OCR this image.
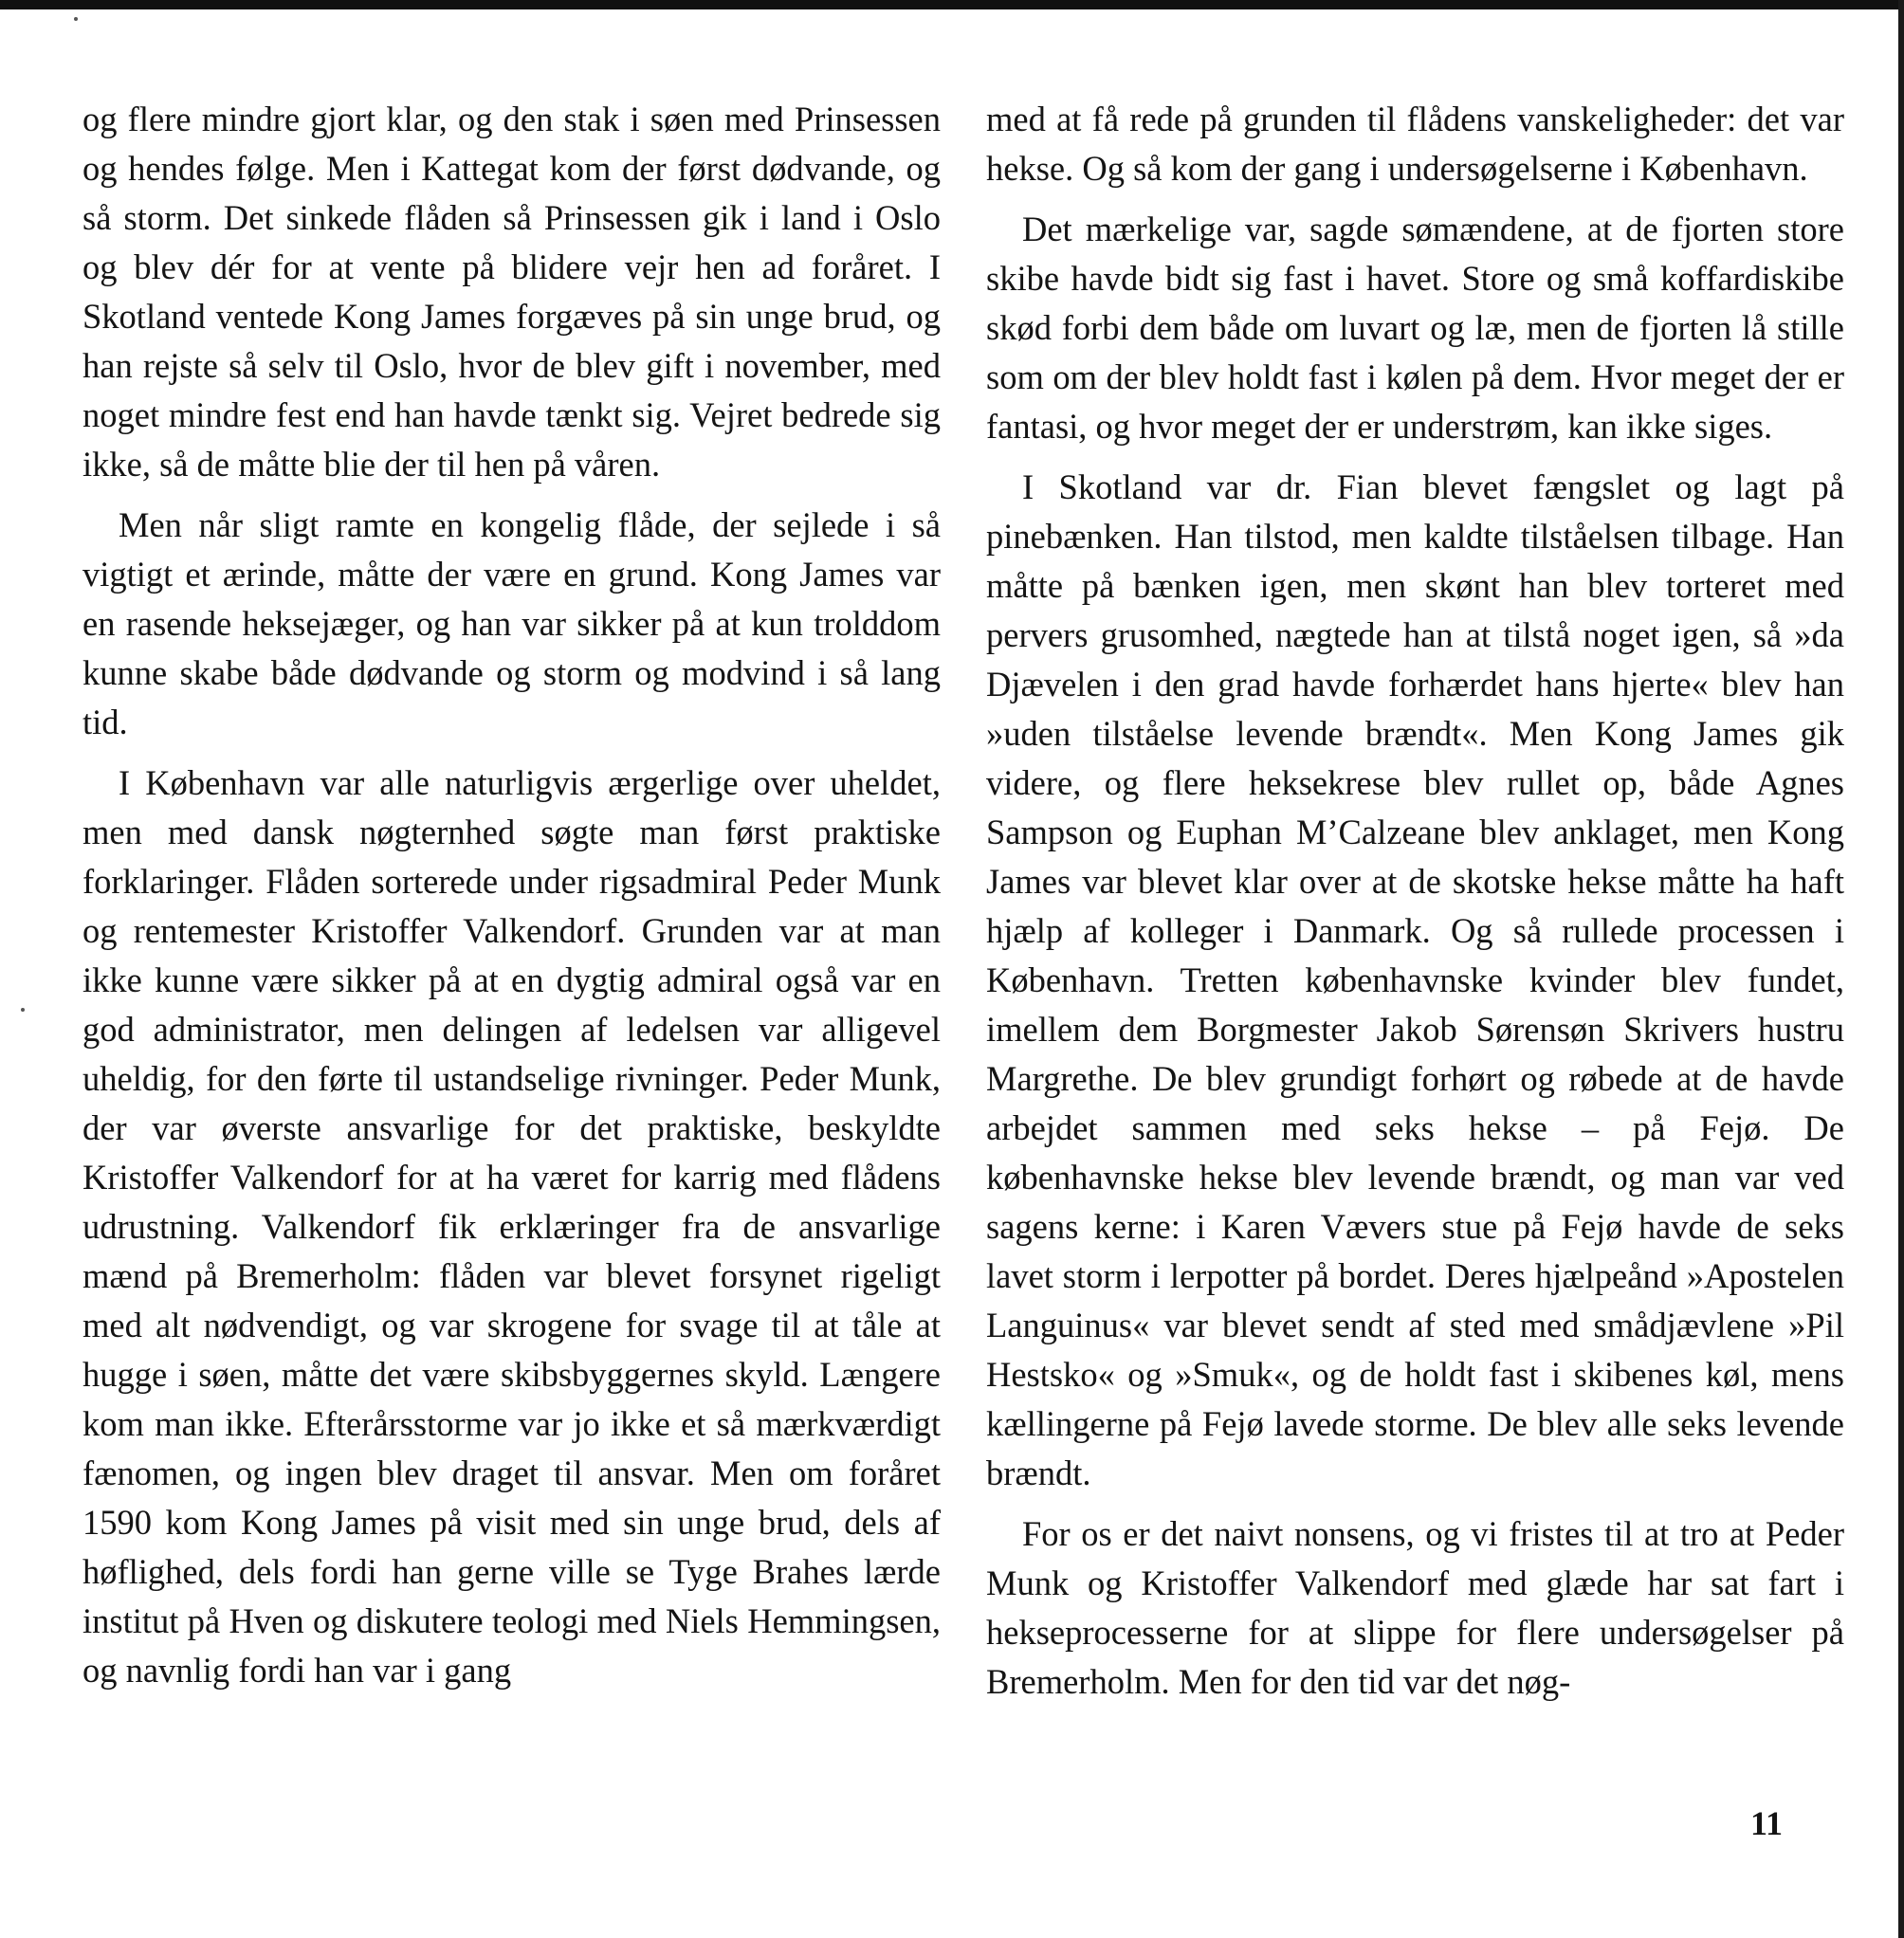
og flere mindre gjort klar, og den stak i søen med Prinsessen og hendes følge. Men i Kattegat kom der først dødvande, og så storm. Det sinkede flåden så Prinsessen gik i land i Oslo og blev dér for at vente på blidere vejr hen ad foråret. I Skotland ventede Kong James forgæves på sin unge brud, og han rejste så selv til Oslo, hvor de blev gift i november, med noget mindre fest end han havde tænkt sig. Vejret bedrede sig ikke, så de måtte blie der til hen på våren.

Men når sligt ramte en kongelig flåde, der sejlede i så vigtigt et ærinde, måtte der være en grund. Kong James var en rasende heksejæger, og han var sikker på at kun trolddom kunne skabe både dødvande og storm og modvind i så lang tid.

I København var alle naturligvis ærgerlige over uheldet, men med dansk nøgternhed søgte man først praktiske forklaringer. Flåden sorterede under rigsadmiral Peder Munk og rentemester Kristoffer Valkendorf. Grunden var at man ikke kunne være sikker på at en dygtig admiral også var en god administrator, men delingen af ledelsen var alligevel uheldig, for den førte til ustandselige rivninger. Peder Munk, der var øverste ansvarlige for det praktiske, beskyldte Kristoffer Valkendorf for at ha været for karrig med flådens udrustning. Valkendorf fik erklæringer fra de ansvarlige mænd på Bremerholm: flåden var blevet forsynet rigeligt med alt nødvendigt, og var skrogene for svage til at tåle at hugge i søen, måtte det være skibsbyggernes skyld. Længere kom man ikke. Efterårsstorme var jo ikke et så mærkværdigt fænomen, og ingen blev draget til ansvar. Men om foråret 1590 kom Kong James på visit med sin unge brud, dels af høflighed, dels fordi han gerne ville se Tyge Brahes lærde institut på Hven og diskutere teologi med Niels Hemmingsen, og navnlig fordi han var i gang

med at få rede på grunden til flådens vanskeligheder: det var hekse. Og så kom der gang i undersøgelserne i København.

Det mærkelige var, sagde sømændene, at de fjorten store skibe havde bidt sig fast i havet. Store og små koffardiskibe skød forbi dem både om luvart og læ, men de fjorten lå stille som om der blev holdt fast i kølen på dem. Hvor meget der er fantasi, og hvor meget der er understrøm, kan ikke siges.

I Skotland var dr. Fian blevet fængslet og lagt på pinebænken. Han tilstod, men kaldte tilståelsen tilbage. Han måtte på bænken igen, men skønt han blev torteret med pervers grusomhed, nægtede han at tilstå noget igen, så »da Djævelen i den grad havde forhærdet hans hjerte« blev han »uden tilståelse levende brændt«. Men Kong James gik videre, og flere heksekrese blev rullet op, både Agnes Sampson og Euphan M’Calzeane blev anklaget, men Kong James var blevet klar over at de skotske hekse måtte ha haft hjælp af kolleger i Danmark. Og så rullede processen i København. Tretten københavnske kvinder blev fundet, imellem dem Borgmester Jakob Sørensøn Skrivers hustru Margrethe. De blev grundigt forhørt og røbede at de havde arbejdet sammen med seks hekse – på Fejø. De københavnske hekse blev levende brændt, og man var ved sagens kerne: i Karen Vævers stue på Fejø havde de seks lavet storm i lerpotter på bordet. Deres hjælpeånd »Apostelen Languinus« var blevet sendt af sted med smådjævlene »Pil Hestsko« og »Smuk«, og de holdt fast i skibenes køl, mens kællingerne på Fejø lavede storme. De blev alle seks levende brændt.

For os er det naivt nonsens, og vi fristes til at tro at Peder Munk og Kristoffer Valkendorf med glæde har sat fart i hekseprocesserne for at slippe for flere undersøgelser på Bremerholm. Men for den tid var det nøg-

11
